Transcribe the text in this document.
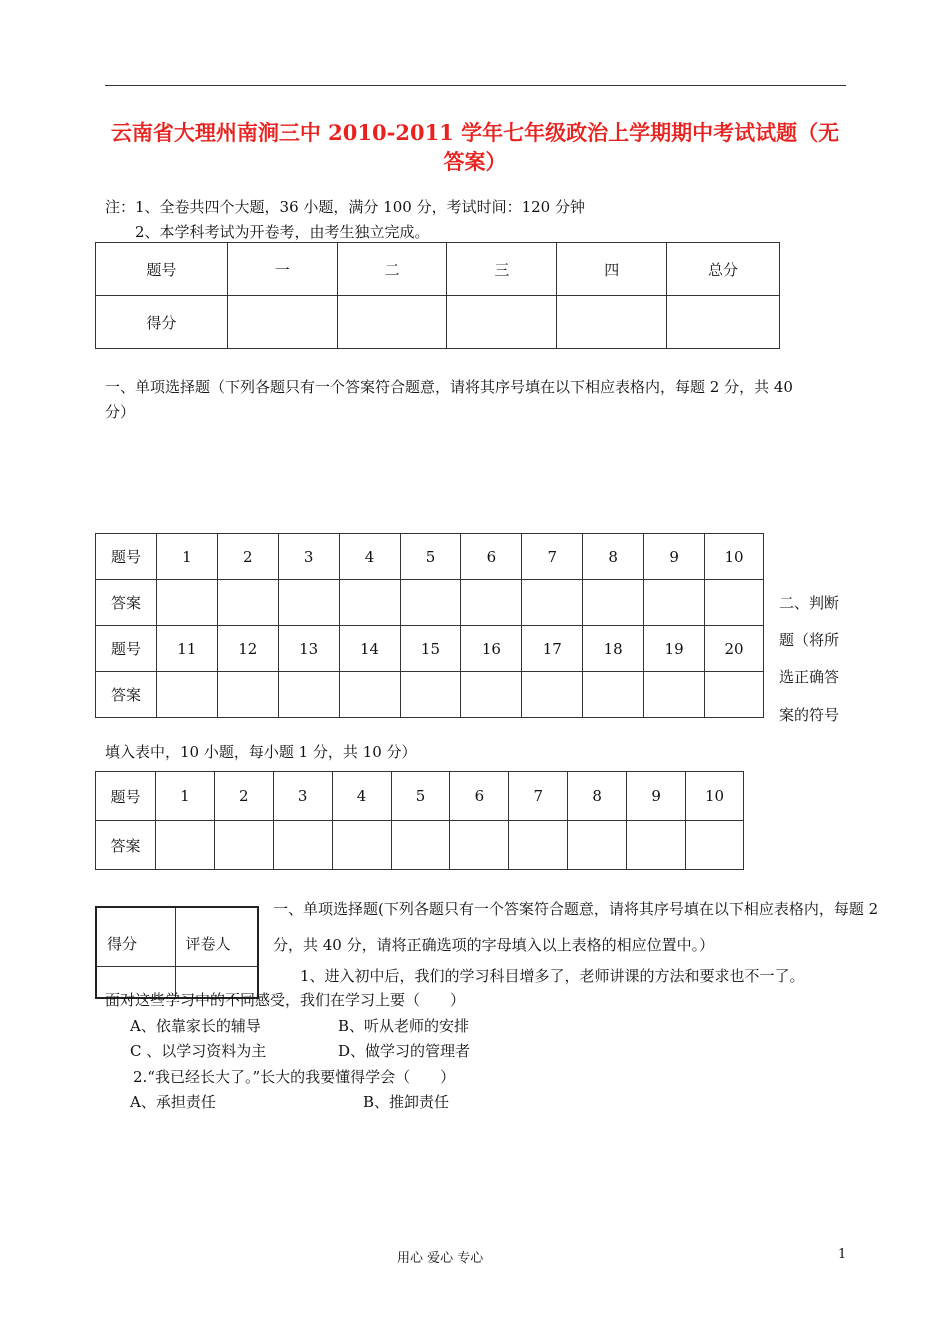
云南省大理州南涧三中 2010-2011 学年七年级政治上学期期中考试试题（无
答案）
注：1、全卷共四个大题，36 小题，满分 100 分，考试时间：120 分钟
2、本学科考试为开卷考，由考生独立完成。
题号	一	二	三	四	总分
得分					
一、单项选择题（下列各题只有一个答案符合题意，请将其序号填在以下相应表格内，每题 2 分，共 40
分）
题号	1	2	3	4	5	6	7	8	9	10
答案										
题号	11	12	13	14	15	16	17	18	19	20
答案										
二、判断
题（将所
选正确答
案的符号
填入表中，10 小题，每小题 1 分，共 10 分）
题号	1	2	3	4	5	6	7	8	9	10
答案										
得分	评卷人

一、单项选择题(下列各题只有一个答案符合题意，请将其序号填在以下相应表格内，每题 2
分，共 40 分，请将正确选项的字母填入以上表格的相应位置中。）
1、进入初中后，我们的学习科目增多了，老师讲课的方法和要求也不一了。
面对这些学习中的不同感受，我们在学习上要（　　）
A、依靠家长的辅导	B、听从老师的安排
C 、以学习资料为主	D、做学习的管理者
2.“我已经长大了。”长大的我要懂得学会（　　）
A、承担责任	B、推卸责任
用心 爱心 专心	1
